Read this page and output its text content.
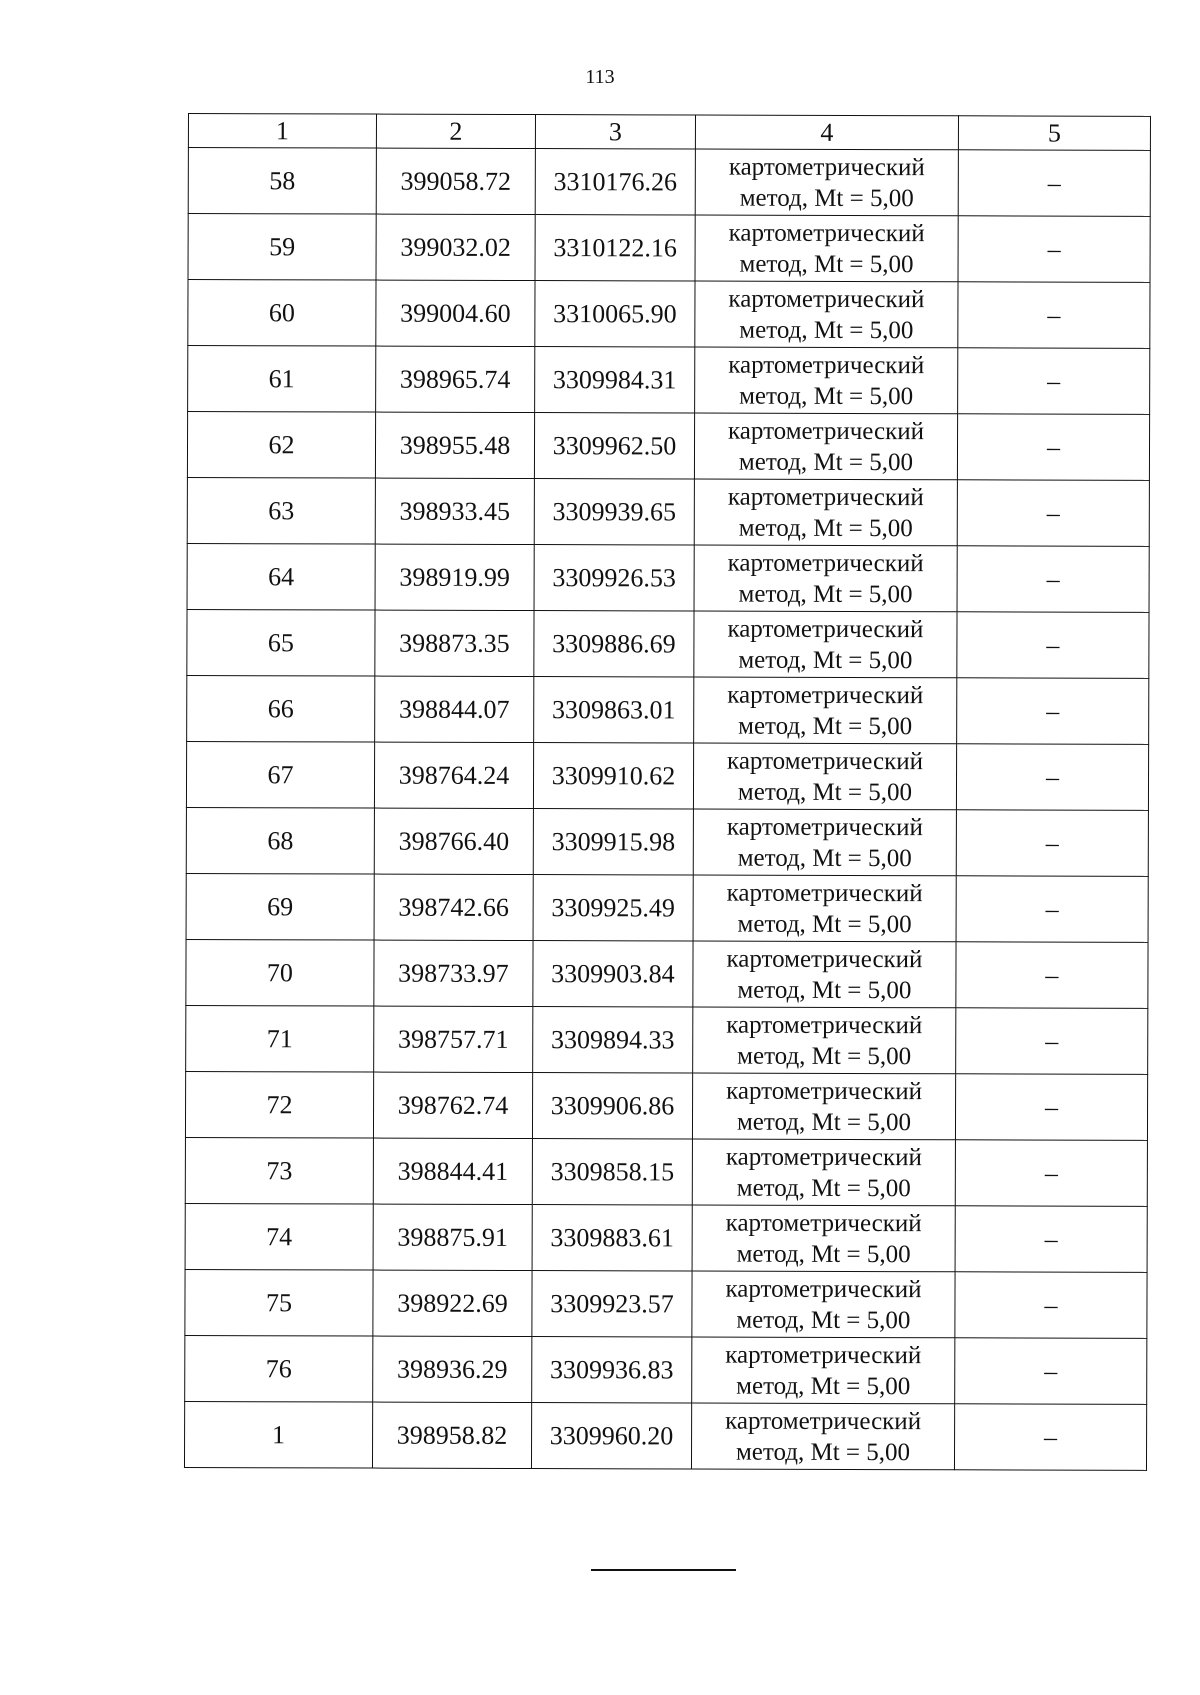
113
1	2	3	4	5
58	399058.72	3310176.26	картометрический
метод, Mt = 5,00	–
59	399032.02	3310122.16	картометрический
метод, Mt = 5,00	–
60	399004.60	3310065.90	картометрический
метод, Mt = 5,00	–
61	398965.74	3309984.31	картометрический
метод, Mt = 5,00	–
62	398955.48	3309962.50	картометрический
метод, Mt = 5,00	–
63	398933.45	3309939.65	картометрический
метод, Mt = 5,00	–
64	398919.99	3309926.53	картометрический
метод, Mt = 5,00	–
65	398873.35	3309886.69	картометрический
метод, Mt = 5,00	–
66	398844.07	3309863.01	картометрический
метод, Mt = 5,00	–
67	398764.24	3309910.62	картометрический
метод, Mt = 5,00	–
68	398766.40	3309915.98	картометрический
метод, Mt = 5,00	–
69	398742.66	3309925.49	картометрический
метод, Mt = 5,00	–
70	398733.97	3309903.84	картометрический
метод, Mt = 5,00	–
71	398757.71	3309894.33	картометрический
метод, Mt = 5,00	–
72	398762.74	3309906.86	картометрический
метод, Mt = 5,00	–
73	398844.41	3309858.15	картометрический
метод, Mt = 5,00	–
74	398875.91	3309883.61	картометрический
метод, Mt = 5,00	–
75	398922.69	3309923.57	картометрический
метод, Mt = 5,00	–
76	398936.29	3309936.83	картометрический
метод, Mt = 5,00	–
1	398958.82	3309960.20	картометрический
метод, Mt = 5,00	–
